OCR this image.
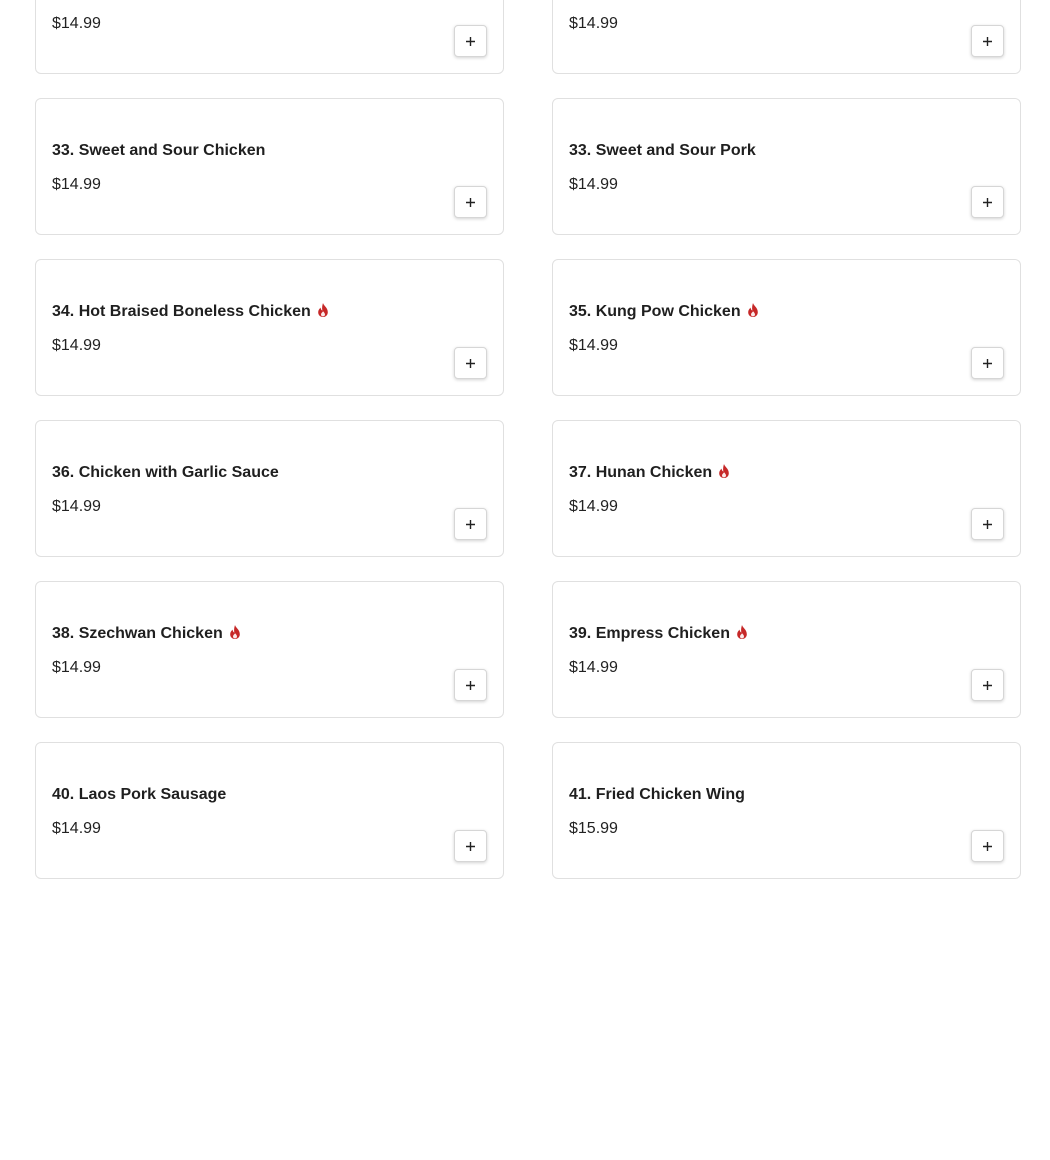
$14.99	$14.99
33. Sweet and Sour Chicken
$14.99
33. Sweet and Sour Pork
$14.99
34. Hot Braised Boneless Chicken
$14.99
35. Kung Pow Chicken
$14.99
36. Chicken with Garlic Sauce
$14.99
37. Hunan Chicken
$14.99
38. Szechwan Chicken
$14.99
39. Empress Chicken
$14.99
40. Laos Pork Sausage
$14.99
41. Fried Chicken Wing
$15.99
